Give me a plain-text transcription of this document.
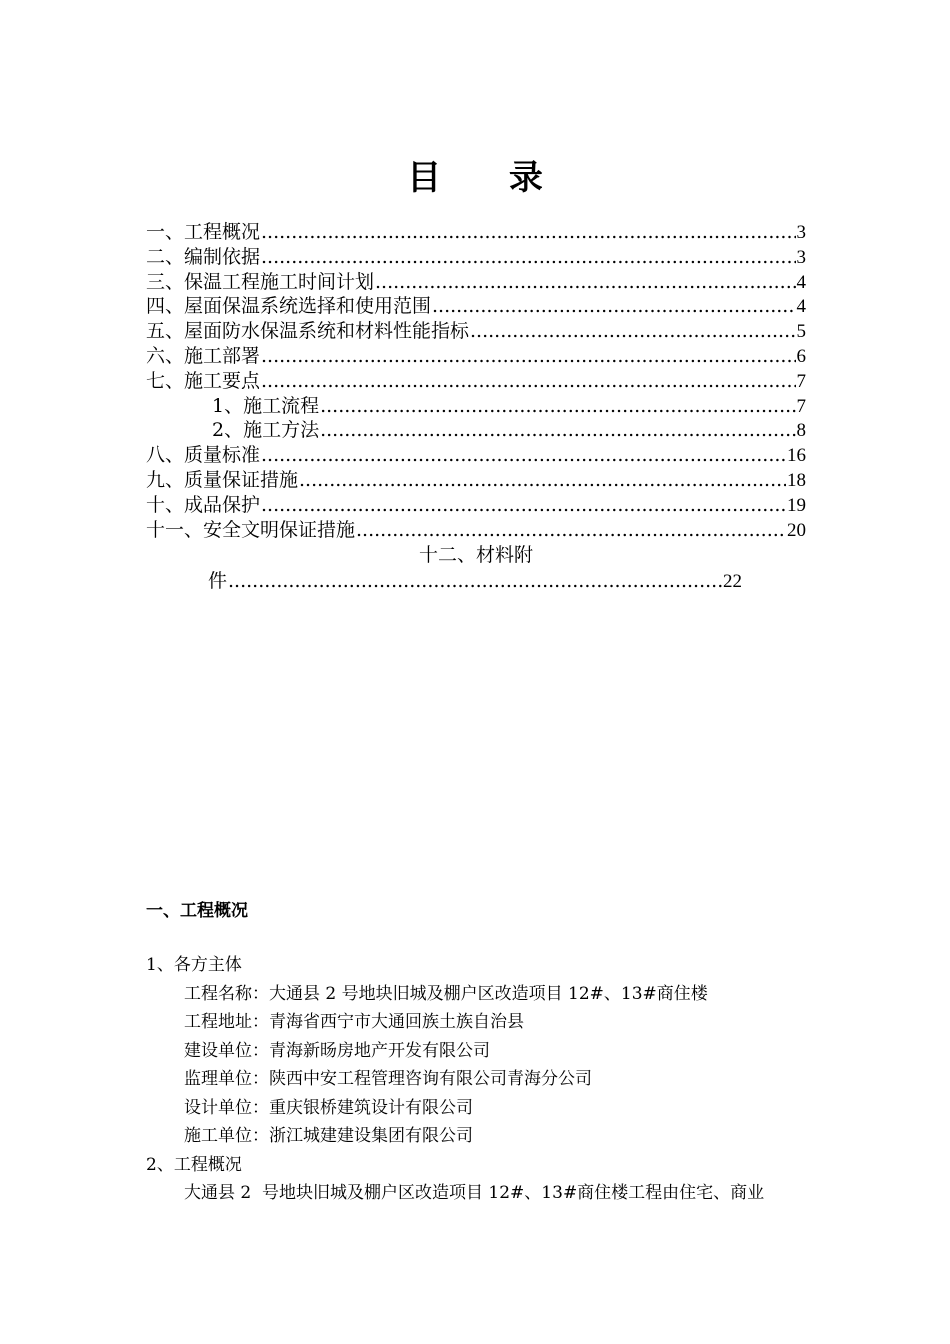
目 录
一、工程概况 .....	3
二、编制依据 .....	3
三、保温工程施工时间计划 .....	4
四、屋面保温系统选择和使用范围 .....	4
五、屋面防水保温系统和材料性能指标 .....	5
六、施工部署 .....	6
七、施工要点 .....	7
1、施工流程 .....	7
2、施工方法 .....	8
八、质量标准 .....	16
九、质量保证措施 .....	18
十、成品保护 .....	19
十一、安全文明保证措施 .....	20
十二、材料附
件 .....	22
一、工程概况
1、各方主体
工程名称：大通县 2 号地块旧城及棚户区改造项目 12#、13#商住楼
工程地址：青海省西宁市大通回族土族自治县
建设单位：青海新旸房地产开发有限公司
监理单位：陕西中安工程管理咨询有限公司青海分公司
设计单位：重庆银桥建筑设计有限公司
施工单位：浙江城建建设集团有限公司
2、工程概况
大通县 2  号地块旧城及棚户区改造项目 12#、13#商住楼工程由住宅、商业
